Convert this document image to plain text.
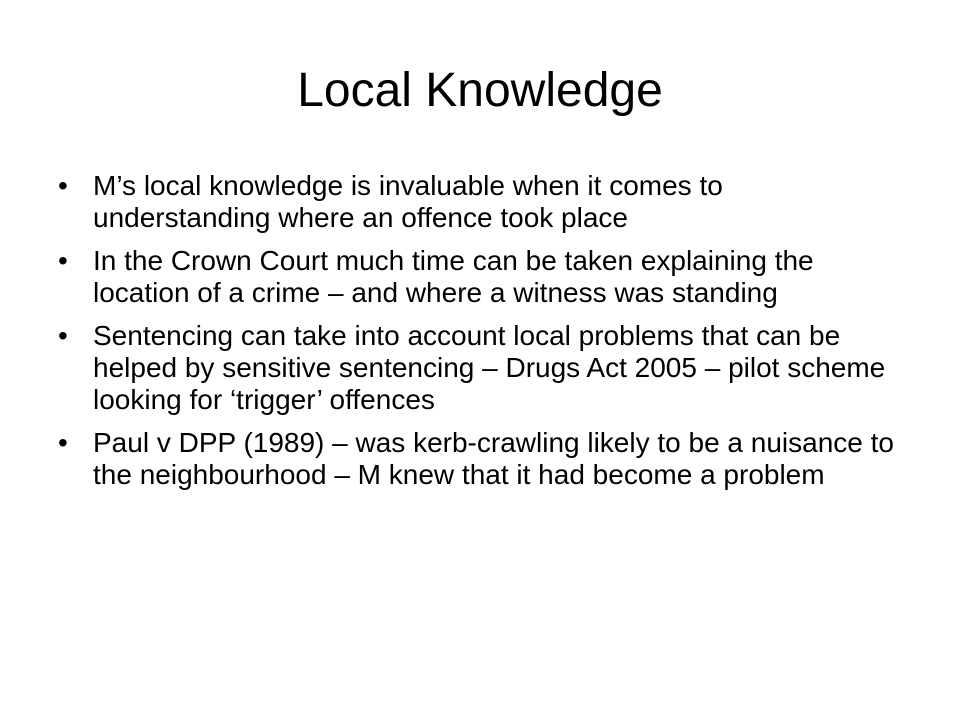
Local Knowledge
• M’s local knowledge is invaluable when it comes to understanding where an offence took place
• In the Crown Court much time can be taken explaining the location of a crime – and where a witness was standing
• Sentencing can take into account local problems that can be helped by sensitive sentencing – Drugs Act 2005 – pilot scheme looking for ‘trigger’ offences
• Paul v DPP (1989) – was kerb-crawling likely to be a nuisance to the neighbourhood – M knew that it had become a problem
